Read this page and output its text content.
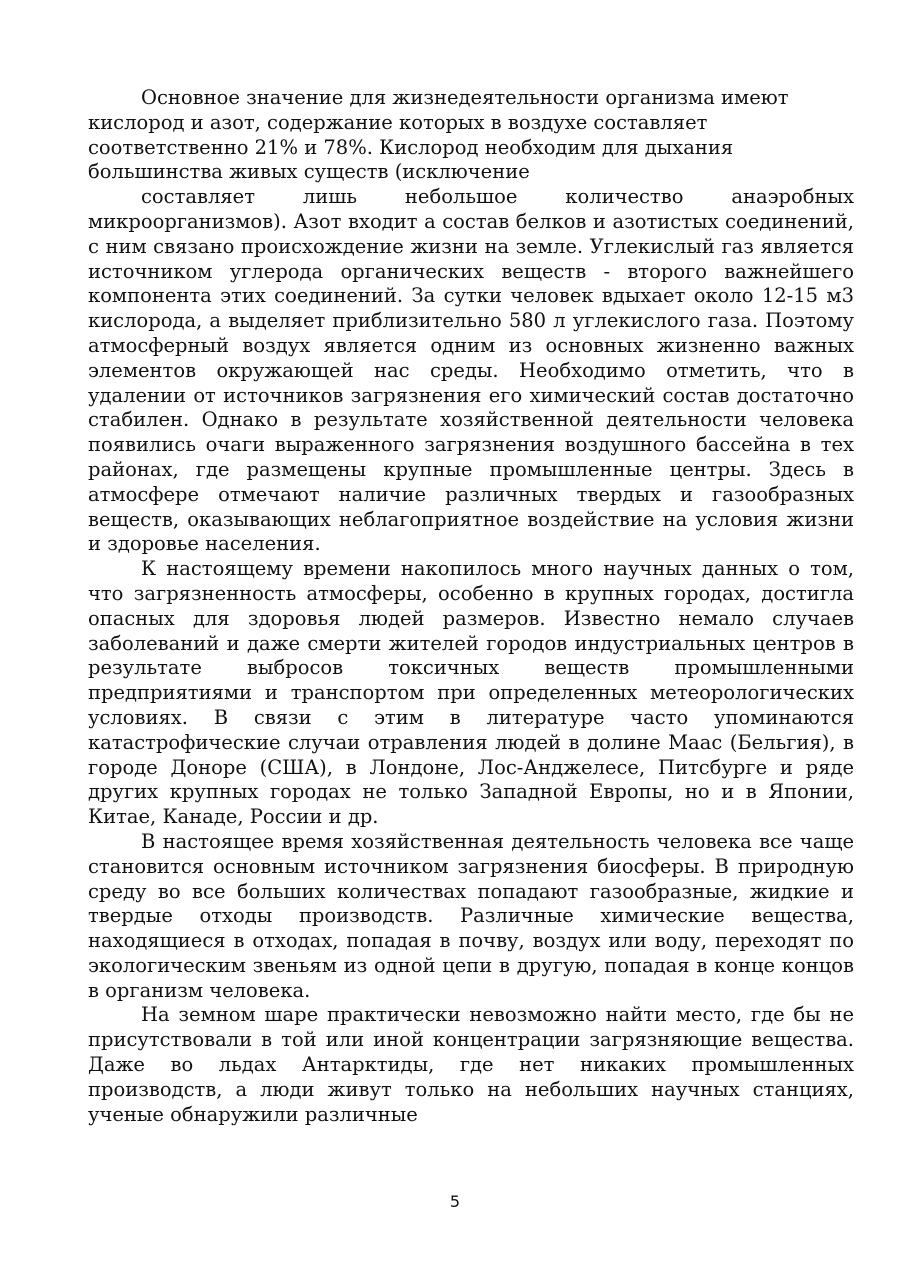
Основное значение для жизнедеятельности организма имеют кислород и азот, содержание которых в воздухе составляет соответственно 21% и 78%. Кислород необходим для дыхания большинства живых существ (исключение

составляет лишь небольшое количество анаэробных микроорганизмов). Азот входит а состав белков и азотистых соединений, с ним связано происхождение жизни на земле. Углекислый газ является источником углерода органических веществ - второго важнейшего компонента этих соединений. За сутки человек вдыхает около 12-15 м3 кислорода, а выделяет приблизительно 580 л углекислого газа. Поэтому атмосферный воздух является одним из основных жизненно важных элементов окружающей нас среды. Необходимо отметить, что в удалении от источников загрязнения его химический состав достаточно стабилен. Однако в результате хозяйственной деятельности человека появились очаги выраженного загрязнения воздушного бассейна в тех районах, где размещены крупные промышленные центры. Здесь в атмосфере отмечают наличие различных твердых и газообразных веществ, оказывающих неблагоприятное воздействие на условия жизни и здоровье населения.

К настоящему времени накопилось много научных данных о том, что загрязненность атмосферы, особенно в крупных городах, достигла опасных для здоровья людей размеров. Известно немало случаев заболеваний и даже смерти жителей городов индустриальных центров в результате выбросов токсичных веществ промышленными предприятиями и транспортом при определенных метеорологических условиях. В связи с этим в литературе часто упоминаются катастрофические случаи отравления людей в долине Маас (Бельгия), в городе Доноре (США), в Лондоне, Лос-Анджелесе, Питсбурге и ряде других крупных городах не только Западной Европы, но и в Японии, Китае, Канаде, России и др.

В настоящее время хозяйственная деятельность человека все чаще становится основным источником загрязнения биосферы. В природную среду во все больших количествах попадают газообразные, жидкие и твердые отходы производств. Различные химические вещества, находящиеся в отходах, попадая в почву, воздух или воду, переходят по экологическим звеньям из одной цепи в другую, попадая в конце концов в организм человека.

На земном шаре практически невозможно найти место, где бы не присутствовали в той или иной концентрации загрязняющие вещества. Даже во льдах Антарктиды, где нет никаких промышленных производств, а люди живут только на небольших научных станциях, ученые обнаружили различные

5
